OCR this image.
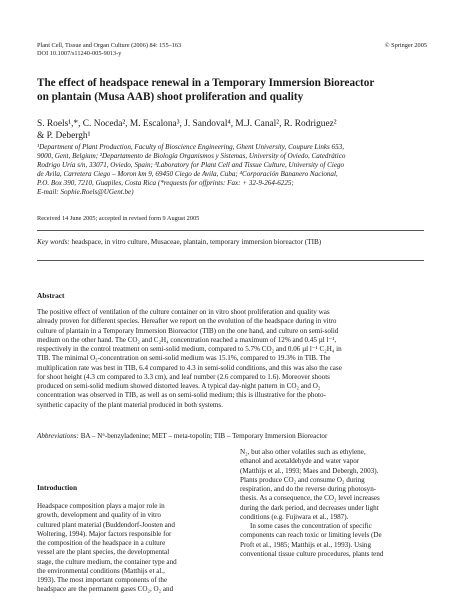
Plant Cell, Tissue and Organ Culture (2006) 84: 155–163
DOI 10.1007/s11240-005-9013-y
© Springer 2005
The effect of headspace renewal in a Temporary Immersion Bioreactor
on plantain (Musa AAB) shoot proliferation and quality
S. Roels¹,*, C. Noceda², M. Escalona³, J. Sandoval⁴, M.J. Canal², R. Rodriguez²
& P. Debergh¹
¹Department of Plant Production, Faculty of Bioscience Engineering, Ghent University, Coupure Links 653,
9000, Gent, Belgium; ²Departamento de Biología Organismos y Sistemas, University of Oviedo, Catedrático
Rodrigo Uría s/n, 33071, Oviedo, Spain; ³Laboratory for Plant Cell and Tissue Culture, University of Ciego
de Avila, Carretera Ciego – Moron km 9, 69450 Ciego de Avila, Cuba; ⁴Corporación Bananero Nacional,
P.O. Box 390, 7210, Guapiles, Costa Rica (*requests for offprints: Fax: + 32-9-264-6225;
E-mail: Sophie.Roels@UGent.be)
Received 14 June 2005; accepted in revised form 9 August 2005
Key words: headspace, in vitro culture, Musaceae, plantain, temporary immersion bioreactor (TIB)
Abstract
The positive effect of ventilation of the culture container on in vitro shoot proliferation and quality was
already proven for different species. Hereafter we report on the evolution of the headspace during in vitro
culture of plantain in a Temporary Immersion Bioreactor (TIB) on the one hand, and culture on semi-solid
medium on the other hand. The CO₂ and C₂H₄ concentration reached a maximum of 12% and 0.45 µl l⁻¹,
respectively in the control treatment on semi-solid medium, compared to 5.7% CO₂ and 0.06 µl l⁻¹ C₂H₄ in
TIB. The minimal O₂-concentration on semi-solid medium was 15.1%, compared to 19.3% in TIB. The
multiplication rate was best in TIB, 6.4 compared to 4.3 in semi-solid conditions, and this was also the case
for shoot height (4.3 cm compared to 3.3 cm), and leaf number (2.6 compared to 1.6). Moreover shoots
produced on semi-solid medium showed distorted leaves. A typical day-night pattern in CO₂ and O₂
concentration was observed in TIB, as well as on semi-solid medium; this is illustrative for the photo-
synthetic capacity of the plant material produced in both systems.
Abbreviations: BA – N⁶-benzyladenine; MET – meta-topolin; TIB – Temporary Immersion Bioreactor
Introduction
Headspace composition plays a major role in
growth, development and quality of in vitro
cultured plant material (Buddendorf-Joosten and
Woltering, 1994). Major factors responsible for
the composition of the headspace in a culture
vessel are the plant species, the developmental
stage, the culture medium, the container type and
the environmental conditions (Matthijs et al.,
1993). The most important components of the
headspace are the permanent gases CO₂, O₂ and
N₂, but also other volatiles such as ethylene,
ethanol and acetaldehyde and water vapor
(Matthijs et al., 1993; Maes and Debergh, 2003).
Plants produce CO₂ and consume O₂ during
respiration, and do the reverse during photosyn-
thesis. As a consequence, the CO₂ level increases
during the dark period, and decreases under light
conditions (e.g. Fujiwara et al., 1987).
In some cases the concentration of specific
components can reach toxic or limiting levels (De
Proft et al., 1985; Matthijs et al., 1993). Using
conventional tissue culture procedures, plants tend
